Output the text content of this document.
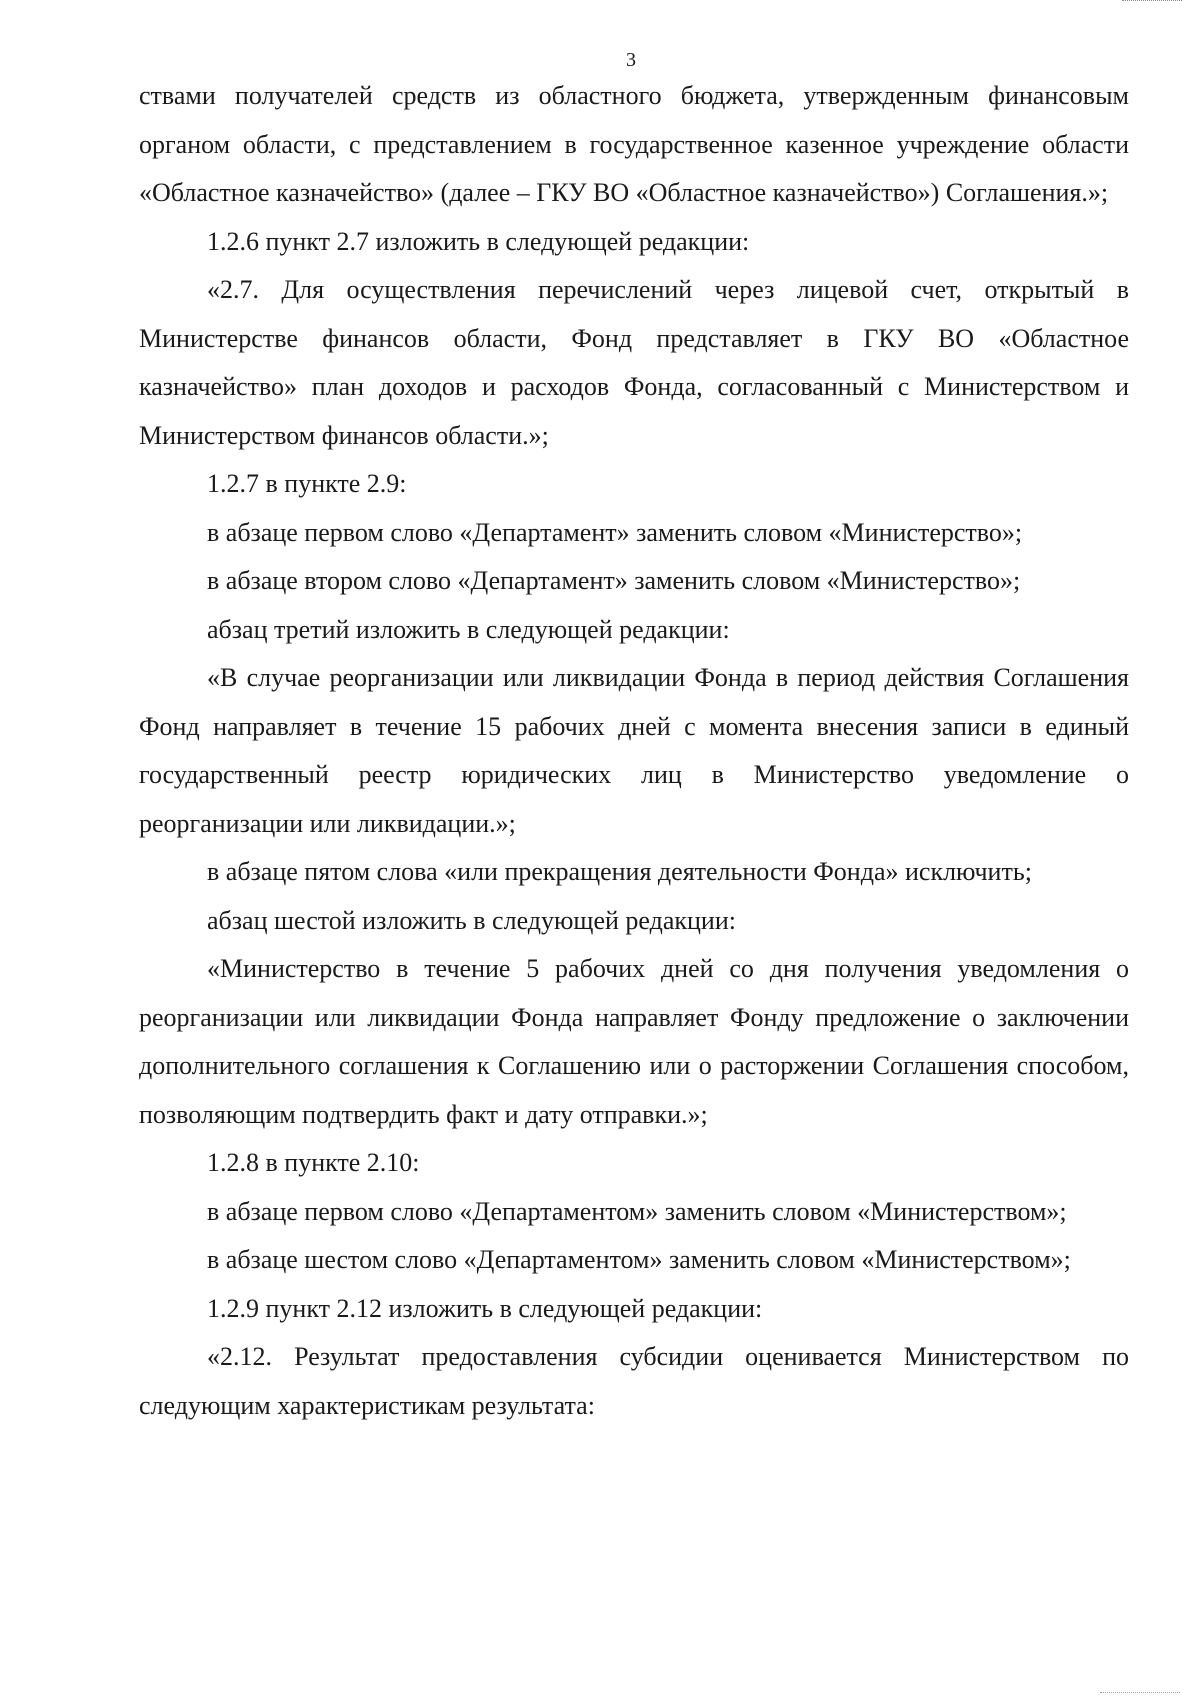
3

ствами получателей средств из областного бюджета, утвержденным финансовым органом области, с представлением в государственное казенное учреждение области «Областное казначейство» (далее – ГКУ ВО «Областное казначейство») Соглашения.»;

1.2.6 пункт 2.7 изложить в следующей редакции:

«2.7. Для осуществления перечислений через лицевой счет, открытый в Министерстве финансов области, Фонд представляет в ГКУ ВО «Областное казначейство» план доходов и расходов Фонда, согласованный с Министерством и Министерством финансов области.»;

1.2.7 в пункте 2.9:

в абзаце первом слово «Департамент» заменить словом «Министерство»;

в абзаце втором слово «Департамент» заменить словом «Министерство»;

абзац третий изложить в следующей редакции:

«В случае реорганизации или ликвидации Фонда в период действия Соглашения Фонд направляет в течение 15 рабочих дней с момента внесения записи в единый государственный реестр юридических лиц в Министерство уведомление о реорганизации или ликвидации.»;

в абзаце пятом слова «или прекращения деятельности Фонда» исключить;

абзац шестой изложить в следующей редакции:

«Министерство в течение 5 рабочих дней со дня получения уведомления о реорганизации или ликвидации Фонда направляет Фонду предложение о заключении дополнительного соглашения к Соглашению или о расторжении Соглашения способом, позволяющим подтвердить факт и дату отправки.»;

1.2.8 в пункте 2.10:

в абзаце первом слово «Департаментом» заменить словом «Министерством»;

в абзаце шестом слово «Департаментом» заменить словом «Министерством»;

1.2.9 пункт 2.12 изложить в следующей редакции:

«2.12. Результат предоставления субсидии оценивается Министерством по следующим характеристикам результата:
